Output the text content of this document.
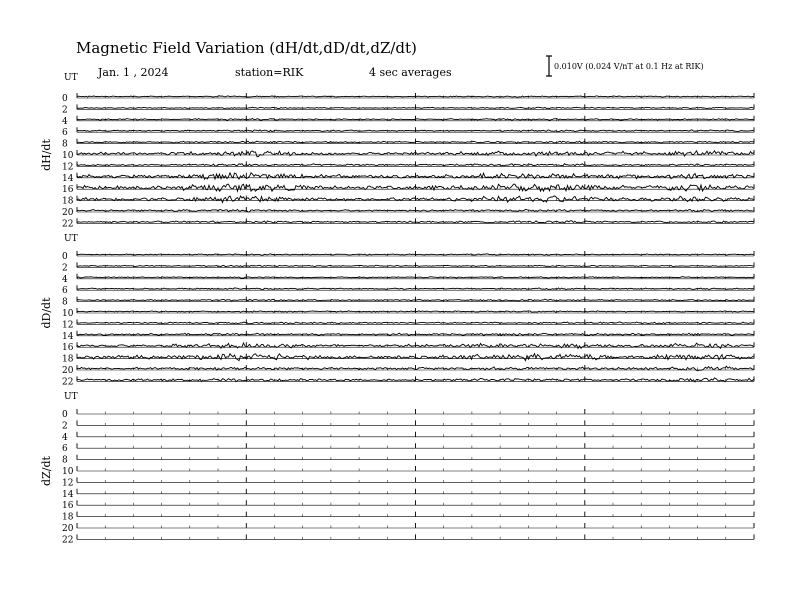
Magnetic Field Variation (dH/dt,dD/dt,dZ/dt)
Jan. 1 , 2024	station=RIK	4 sec averages	0.010V (0.024 V/nT at 0.1 Hz at RIK)
UT
dH/dt
0
2
4
6
8
10
12
14
16
18
20
22
UT
dD/dt
0
2
4
6
8
10
12
14
16
18
20
22
UT
dZ/dt
0
2
4
6
8
10
12
14
16
18
20
22
